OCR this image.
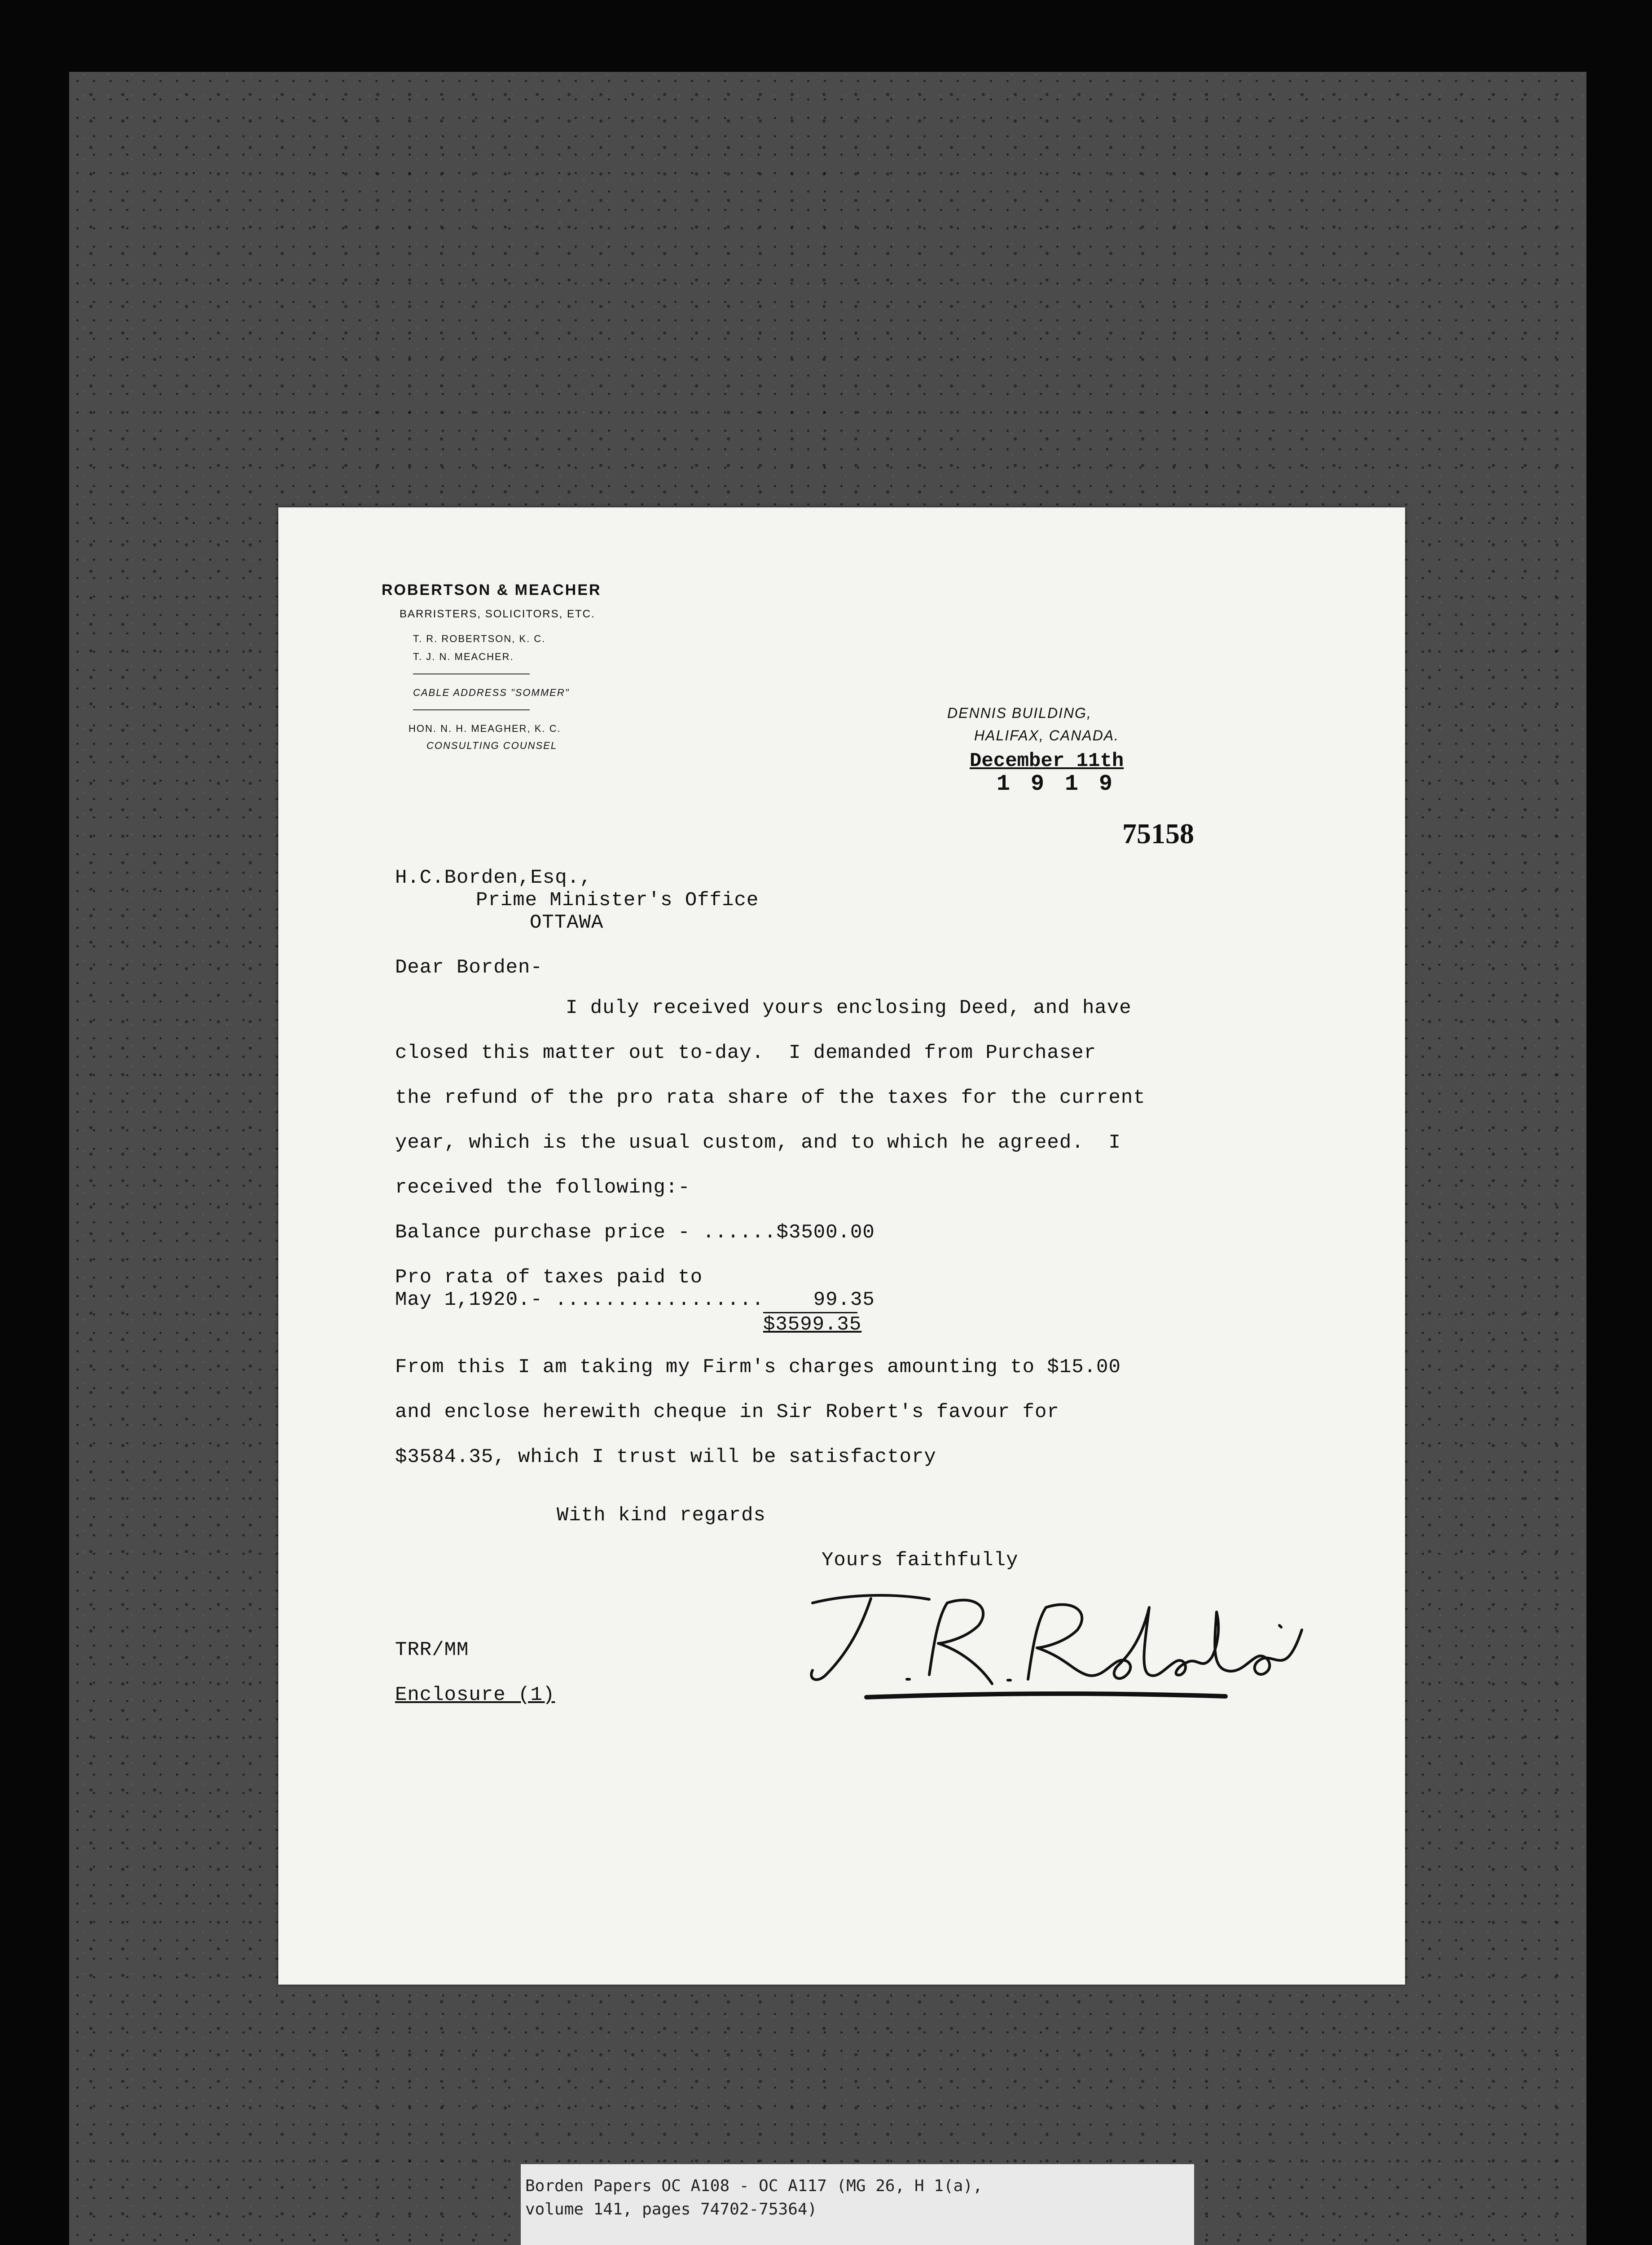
ROBERTSON & MEACHER
BARRISTERS, SOLICITORS, ETC.
T. R. ROBERTSON, K. C.
T. J. N. MEACHER.
CABLE ADDRESS "SOMMER"
HON. N. H. MEAGHER, K. C.
CONSULTING COUNSEL
DENNIS BUILDING,
HALIFAX, CANADA.
December 11th
1 9 1 9
75158
H.C.Borden,Esq.,
Prime Minister's Office
OTTAWA
Dear Borden-
I duly received yours enclosing Deed, and have
closed this matter out to-day.  I demanded from Purchaser
the refund of the pro rata share of the taxes for the current
year, which is the usual custom, and to which he agreed.  I
received the following:-
Balance purchase price - ......$3500.00
Pro rata of taxes paid to
May 1,1920.- .................    99.35
$3599.35
From this I am taking my Firm's charges amounting to $15.00
and enclose herewith cheque in Sir Robert's favour for
$3584.35, which I trust will be satisfactory
With kind regards
Yours faithfully
TRR/MM
Enclosure (1)
Borden Papers OC A108 - OC A117 (MG 26, H 1(a),
volume 141, pages 74702-75364)
